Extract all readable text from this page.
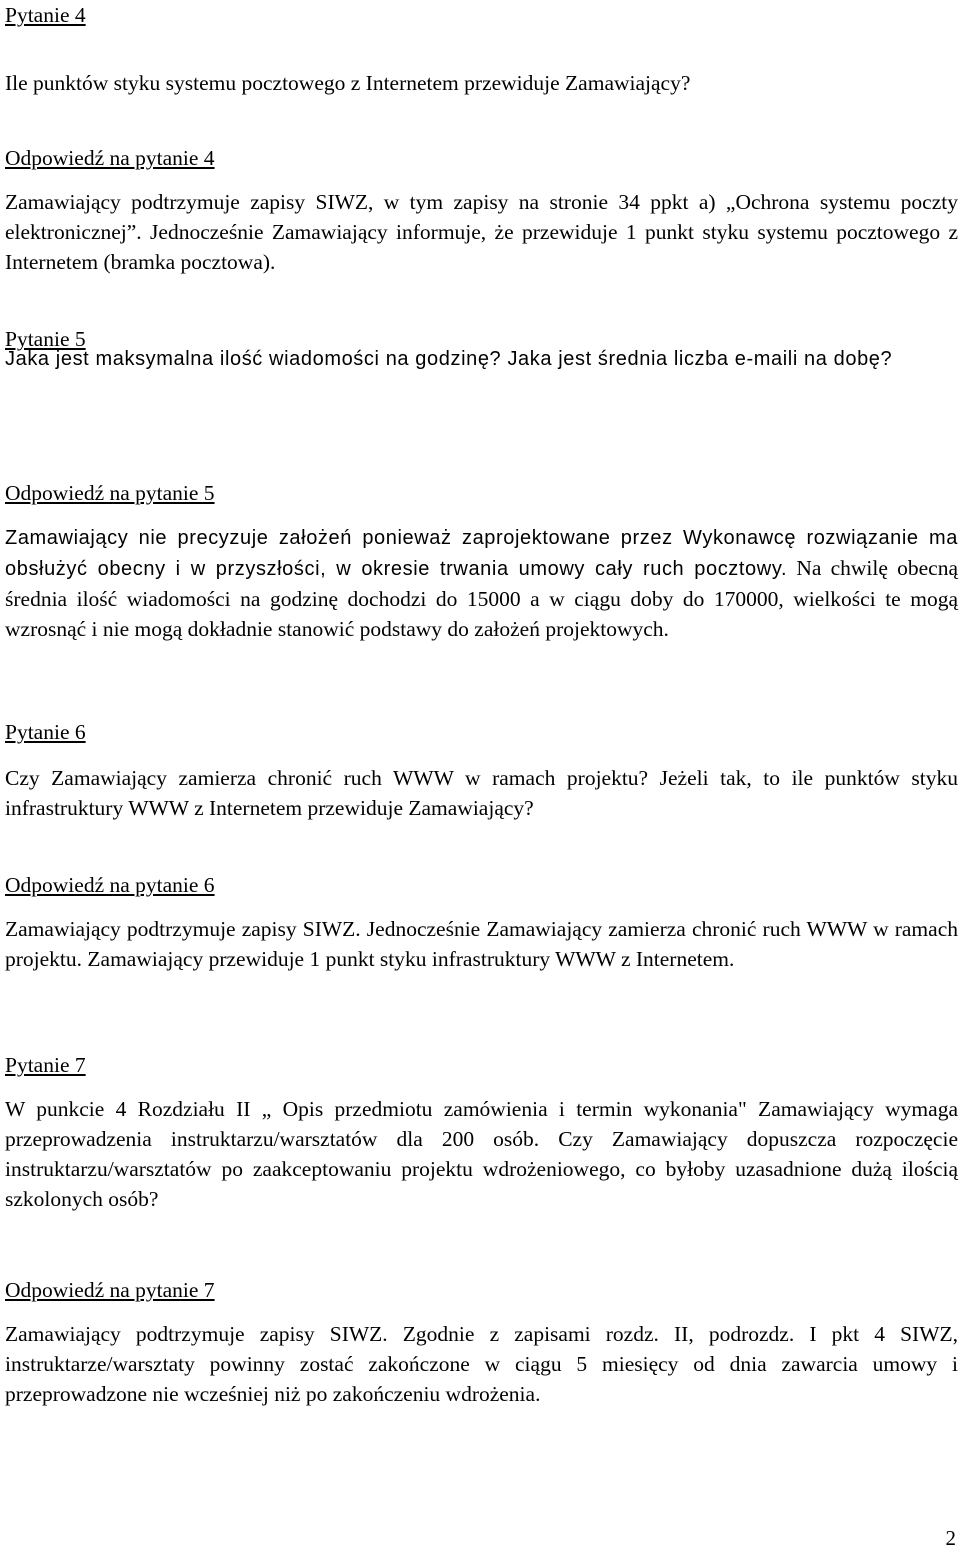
Pytanie 4

Ile punktów styku systemu pocztowego z Internetem przewiduje Zamawiający?

Odpowiedź na pytanie 4

Zamawiający podtrzymuje zapisy SIWZ, w tym zapisy na stronie 34 ppkt a) „Ochrona systemu poczty elektronicznej”. Jednocześnie Zamawiający informuje, że przewiduje 1 punkt styku systemu pocztowego z Internetem (bramka pocztowa).

Pytanie 5

Jaka jest maksymalna ilość wiadomości na godzinę? Jaka jest średnia liczba e-maili na dobę?

Odpowiedź na pytanie 5

Zamawiający nie precyzuje założeń ponieważ zaprojektowane przez Wykonawcę rozwiązanie ma obsłużyć obecny i w przyszłości, w okresie trwania umowy cały ruch pocztowy. Na chwilę obecną średnia ilość wiadomości na godzinę dochodzi do 15000 a w ciągu doby do 170000, wielkości te mogą wzrosnąć i nie mogą dokładnie stanowić podstawy do założeń projektowych.

Pytanie 6

Czy Zamawiający zamierza chronić ruch WWW w ramach projektu? Jeżeli tak, to ile punktów styku infrastruktury WWW z Internetem przewiduje Zamawiający?

Odpowiedź na pytanie 6

Zamawiający podtrzymuje zapisy SIWZ. Jednocześnie Zamawiający zamierza chronić ruch WWW w ramach projektu. Zamawiający przewiduje 1 punkt styku infrastruktury WWW z Internetem.

Pytanie 7

W punkcie 4 Rozdziału II „ Opis przedmiotu zamówienia i termin wykonania" Zamawiający wymaga przeprowadzenia instruktarzu/warsztatów dla 200 osób. Czy Zamawiający dopuszcza rozpoczęcie instruktarzu/warsztatów po zaakceptowaniu projektu wdrożeniowego, co byłoby uzasadnione dużą ilością szkolonych osób?

Odpowiedź na pytanie 7

Zamawiający podtrzymuje zapisy SIWZ. Zgodnie z zapisami rozdz. II, podrozdz. I pkt 4 SIWZ, instruktarze/warsztaty powinny zostać zakończone w ciągu 5 miesięcy od dnia zawarcia umowy i przeprowadzone nie wcześniej niż po zakończeniu wdrożenia.

2
